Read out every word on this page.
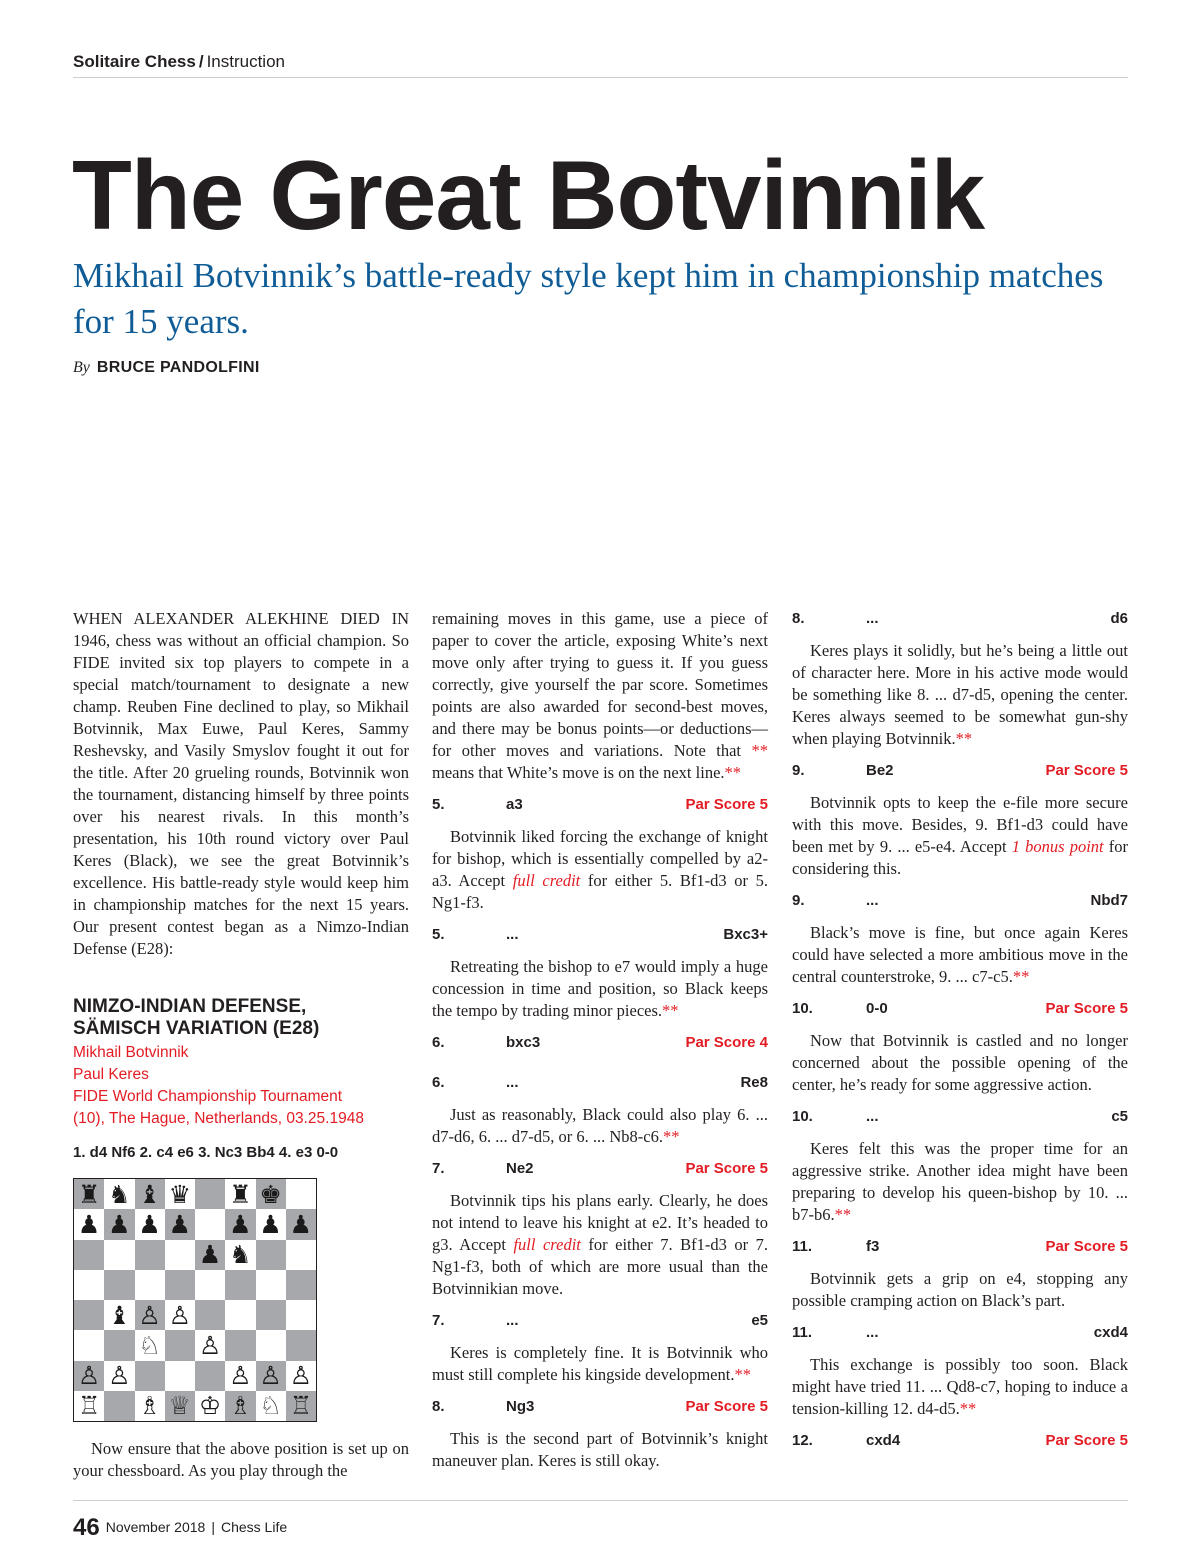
Solitaire Chess / Instruction
The Great Botvinnik
Mikhail Botvinnik’s battle-ready style kept him in championship matches for 15 years.
By BRUCE PANDOLFINI

WHEN ALEXANDER ALEKHINE DIED IN 1946, chess was without an official champion. So FIDE invited six top players to compete in a special match/tournament to designate a new champ. Reuben Fine declined to play, so Mikhail Botvinnik, Max Euwe, Paul Keres, Sammy Reshevsky, and Vasily Smyslov fought it out for the title. After 20 grueling rounds, Botvinnik won the tournament, distancing himself by three points over his nearest rivals. In this month’s presentation, his 10th round victory over Paul Keres (Black), we see the great Botvinnik’s excellence. His battle-ready style would keep him in championship matches for the next 15 years. Our present contest began as a Nimzo-Indian Defense (E28):

NIMZO-INDIAN DEFENSE,
SÄMISCH VARIATION (E28)
Mikhail Botvinnik
Paul Keres
FIDE World Championship Tournament
(10), The Hague, Netherlands, 03.25.1948
1. d4 Nf6 2. c4 e6 3. Nc3 Bb4 4. e3 0-0
♜ ♞ ♝ ♛ ♜ ♚
♟ ♟ ♟ ♟ ♟ ♟ ♟
♟ ♞
♝ ♙ ♙
♘ ♙
♙ ♙	♙ ♙ ♙
♖ ♗ ♕ ♔ ♗ ♘ ♖

Now ensure that the above position is set up on your chessboard. As you play through the

remaining moves in this game, use a piece of paper to cover the article, exposing White’s next move only after trying to guess it. If you guess correctly, give yourself the par score. Sometimes points are also awarded for second-best moves, and there may be bonus points—or deductions—for other moves and variations. Note that ** means that White’s move is on the next line.**

5.	a3	Par Score 5

Botvinnik liked forcing the exchange of knight for bishop, which is essentially compelled by a2-a3. Accept full credit for either 5. Bf1-d3 or 5. Ng1-f3.

5.	...	Bxc3+

Retreating the bishop to e7 would imply a huge concession in time and position, so Black keeps the tempo by trading minor pieces.**

6.	bxc3	Par Score 4
6.	...	Re8

Just as reasonably, Black could also play 6. ... d7-d6, 6. ... d7-d5, or 6. ... Nb8-c6.**

7.	Ne2	Par Score 5

Botvinnik tips his plans early. Clearly, he does not intend to leave his knight at e2. It’s headed to g3. Accept full credit for either 7. Bf1-d3 or 7. Ng1-f3, both of which are more usual than the Botvinnikian move.

7.	...	e5

Keres is completely fine. It is Botvinnik who must still complete his kingside development.**

8.	Ng3	Par Score 5

This is the second part of Botvinnik’s knight maneuver plan. Keres is still okay.

8.	...	d6

Keres plays it solidly, but he’s being a little out of character here. More in his active mode would be something like 8. ... d7-d5, opening the center. Keres always seemed to be somewhat gun-shy when playing Botvinnik.**

9.	Be2	Par Score 5

Botvinnik opts to keep the e-file more secure with this move. Besides, 9. Bf1-d3 could have been met by 9. ... e5-e4. Accept 1 bonus point for considering this.

9.	...	Nbd7

Black’s move is fine, but once again Keres could have selected a more ambitious move in the central counterstroke, 9. ... c7-c5.**

10.	0-0	Par Score 5

Now that Botvinnik is castled and no longer concerned about the possible opening of the center, he’s ready for some aggressive action.

10.	...	c5

Keres felt this was the proper time for an aggressive strike. Another idea might have been preparing to develop his queen-bishop by 10. ... b7-b6.**

11.	f3	Par Score 5

Botvinnik gets a grip on e4, stopping any possible cramping action on Black’s part.

11.	...	cxd4

This exchange is possibly too soon. Black might have tried 11. ... Qd8-c7, hoping to induce a tension-killing 12. d4-d5.**

12.	cxd4	Par Score 5
46 November 2018 | Chess Life
